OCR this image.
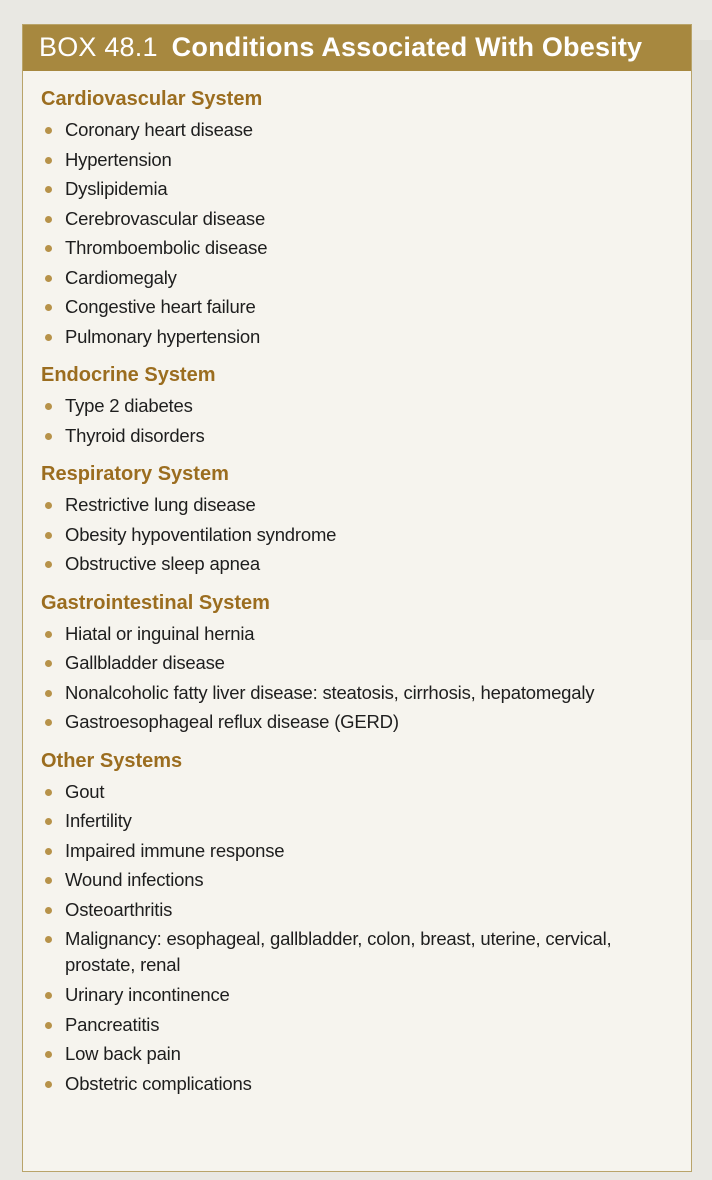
BOX 48.1 Conditions Associated With Obesity
Cardiovascular System
Coronary heart disease
Hypertension
Dyslipidemia
Cerebrovascular disease
Thromboembolic disease
Cardiomegaly
Congestive heart failure
Pulmonary hypertension
Endocrine System
Type 2 diabetes
Thyroid disorders
Respiratory System
Restrictive lung disease
Obesity hypoventilation syndrome
Obstructive sleep apnea
Gastrointestinal System
Hiatal or inguinal hernia
Gallbladder disease
Nonalcoholic fatty liver disease: steatosis, cirrhosis, hepatomegaly
Gastroesophageal reflux disease (GERD)
Other Systems
Gout
Infertility
Impaired immune response
Wound infections
Osteoarthritis
Malignancy: esophageal, gallbladder, colon, breast, uterine, cervical, prostate, renal
Urinary incontinence
Pancreatitis
Low back pain
Obstetric complications
